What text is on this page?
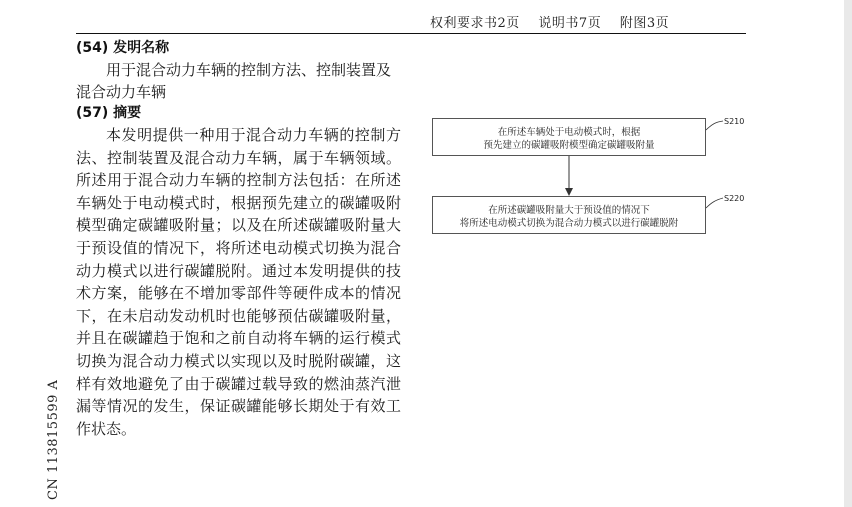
权利要求书2页 说明书7页 附图3页
(54) 发明名称
用于混合动力车辆的控制方法、控制装置及混合动力车辆
(57) 摘要
本发明提供一种用于混合动力车辆的控制方法、控制装置及混合动力车辆，属于车辆领域。所述用于混合动力车辆的控制方法包括：在所述车辆处于电动模式时，根据预先建立的碳罐吸附模型确定碳罐吸附量；以及在所述碳罐吸附量大于预设值的情况下，将所述电动模式切换为混合动力模式以进行碳罐脱附。通过本发明提供的技术方案，能够在不增加零部件等硬件成本的情况下，在未启动发动机时也能够预估碳罐吸附量，并且在碳罐趋于饱和之前自动将车辆的运行模式切换为混合动力模式以实现以及时脱附碳罐，这样有效地避免了由于碳罐过载导致的燃油蒸汽泄漏等情况的发生，保证碳罐能够长期处于有效工作状态。
CN 113815599 A
在所述车辆处于电动模式时，根据
预先建立的碳罐吸附模型确定碳罐吸附量
S210
在所述碳罐吸附量大于预设值的情况下
将所述电动模式切换为混合动力模式以进行碳罐脱附
S220
